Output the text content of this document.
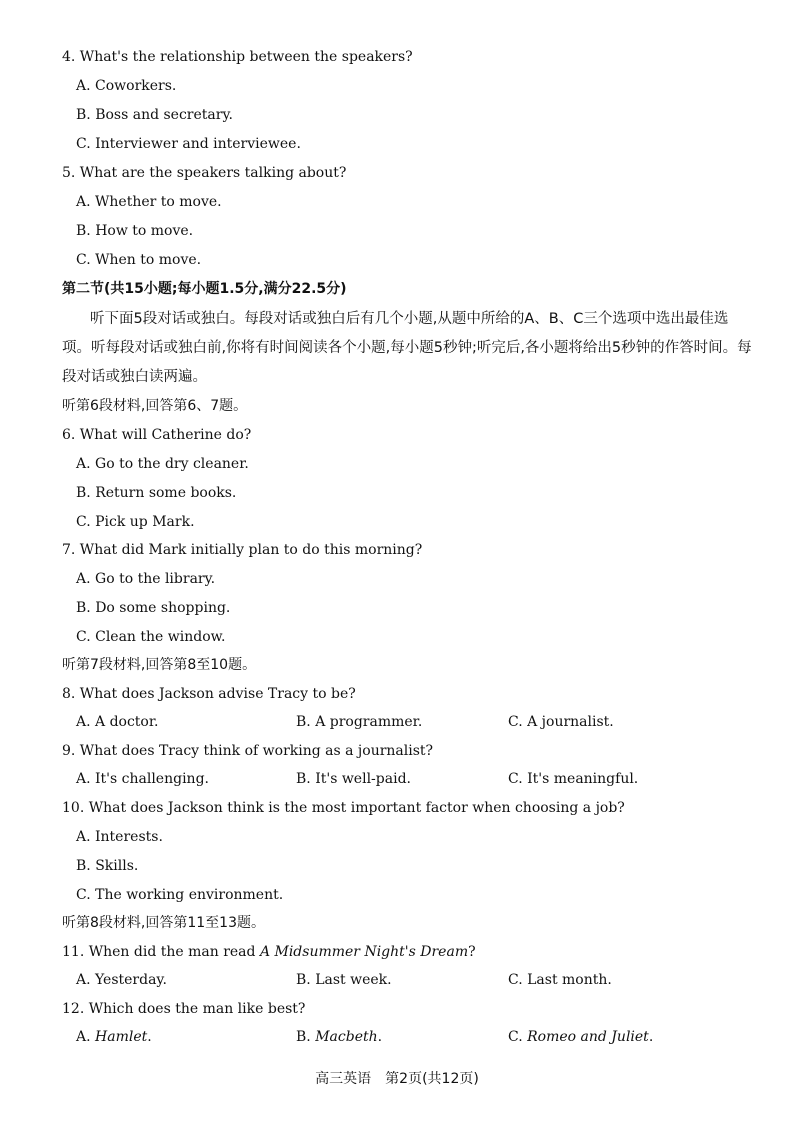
4. What's the relationship between the speakers?
A. Coworkers.
B. Boss and secretary.
C. Interviewer and interviewee.
5. What are the speakers talking about?
A. Whether to move.
B. How to move.
C. When to move.
第二节(共15小题;每小题1.5分,满分22.5分)
听下面5段对话或独白。每段对话或独白后有几个小题,从题中所给的A、B、C三个选项中选出最佳选项。听每段对话或独白前,你将有时间阅读各个小题,每小题5秒钟;听完后,各小题将给出5秒钟的作答时间。每段对话或独白读两遍。
听第6段材料,回答第6、7题。
6. What will Catherine do?
A. Go to the dry cleaner.
B. Return some books.
C. Pick up Mark.
7. What did Mark initially plan to do this morning?
A. Go to the library.
B. Do some shopping.
C. Clean the window.
听第7段材料,回答第8至10题。
8. What does Jackson advise Tracy to be?
A. A doctor.	B. A programmer.	C. A journalist.
9. What does Tracy think of working as a journalist?
A. It's challenging.	B. It's well-paid.	C. It's meaningful.
10. What does Jackson think is the most important factor when choosing a job?
A. Interests.
B. Skills.
C. The working environment.
听第8段材料,回答第11至13题。
11. When did the man read A Midsummer Night's Dream?
A. Yesterday.	B. Last week.	C. Last month.
12. Which does the man like best?
A. Hamlet.	B. Macbeth.	C. Romeo and Juliet.
高三英语　第2页(共12页)
